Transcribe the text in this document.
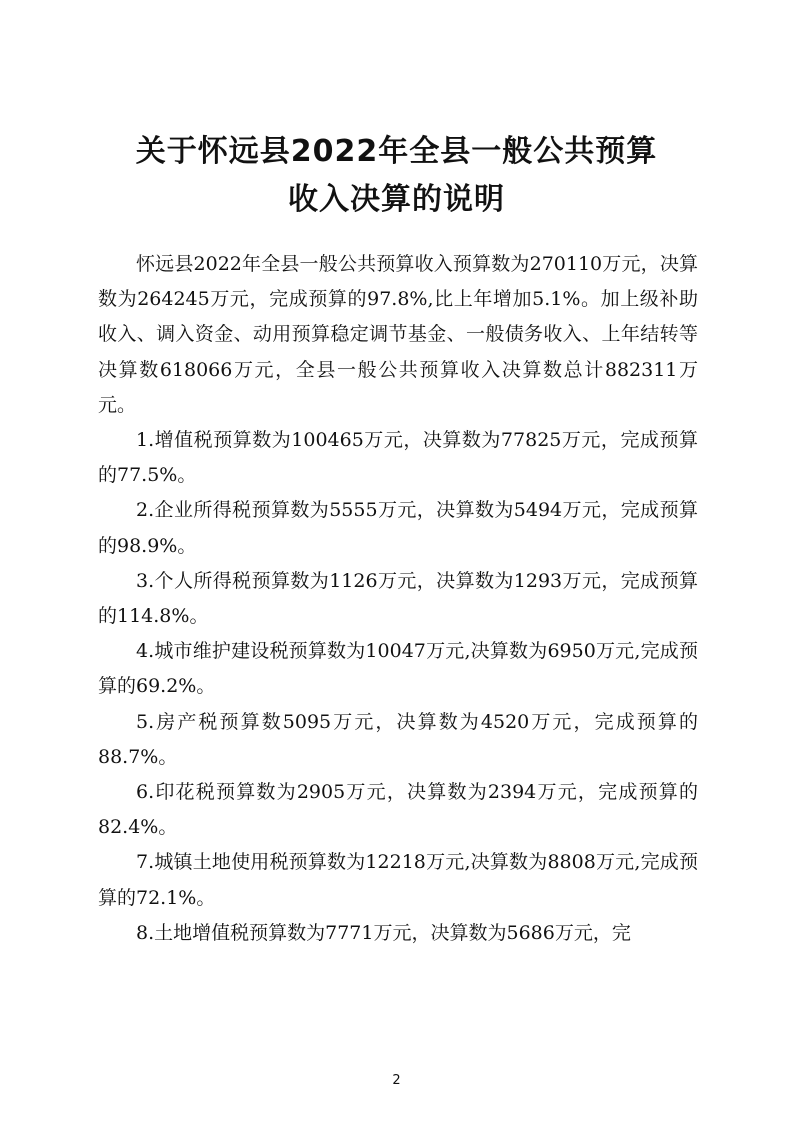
关于怀远县2022年全县一般公共预算
收入决算的说明

怀远县2022年全县一般公共预算收入预算数为270110万元，决算数为264245万元，完成预算的97.8%,比上年增加5.1%。加上级补助收入、调入资金、动用预算稳定调节基金、一般债务收入、上年结转等决算数618066万元，全县一般公共预算收入决算数总计882311万元。

1.增值税预算数为100465万元，决算数为77825万元，完成预算的77.5%。

2.企业所得税预算数为5555万元，决算数为5494万元，完成预算的98.9%。

3.个人所得税预算数为1126万元，决算数为1293万元，完成预算的114.8%。

4.城市维护建设税预算数为10047万元,决算数为6950万元,完成预算的69.2%。

5.房产税预算数5095万元，决算数为4520万元，完成预算的88.7%。

6.印花税预算数为2905万元，决算数为2394万元，完成预算的82.4%。

7.城镇土地使用税预算数为12218万元,决算数为8808万元,完成预算的72.1%。

8.土地增值税预算数为7771万元，决算数为5686万元，完

2
